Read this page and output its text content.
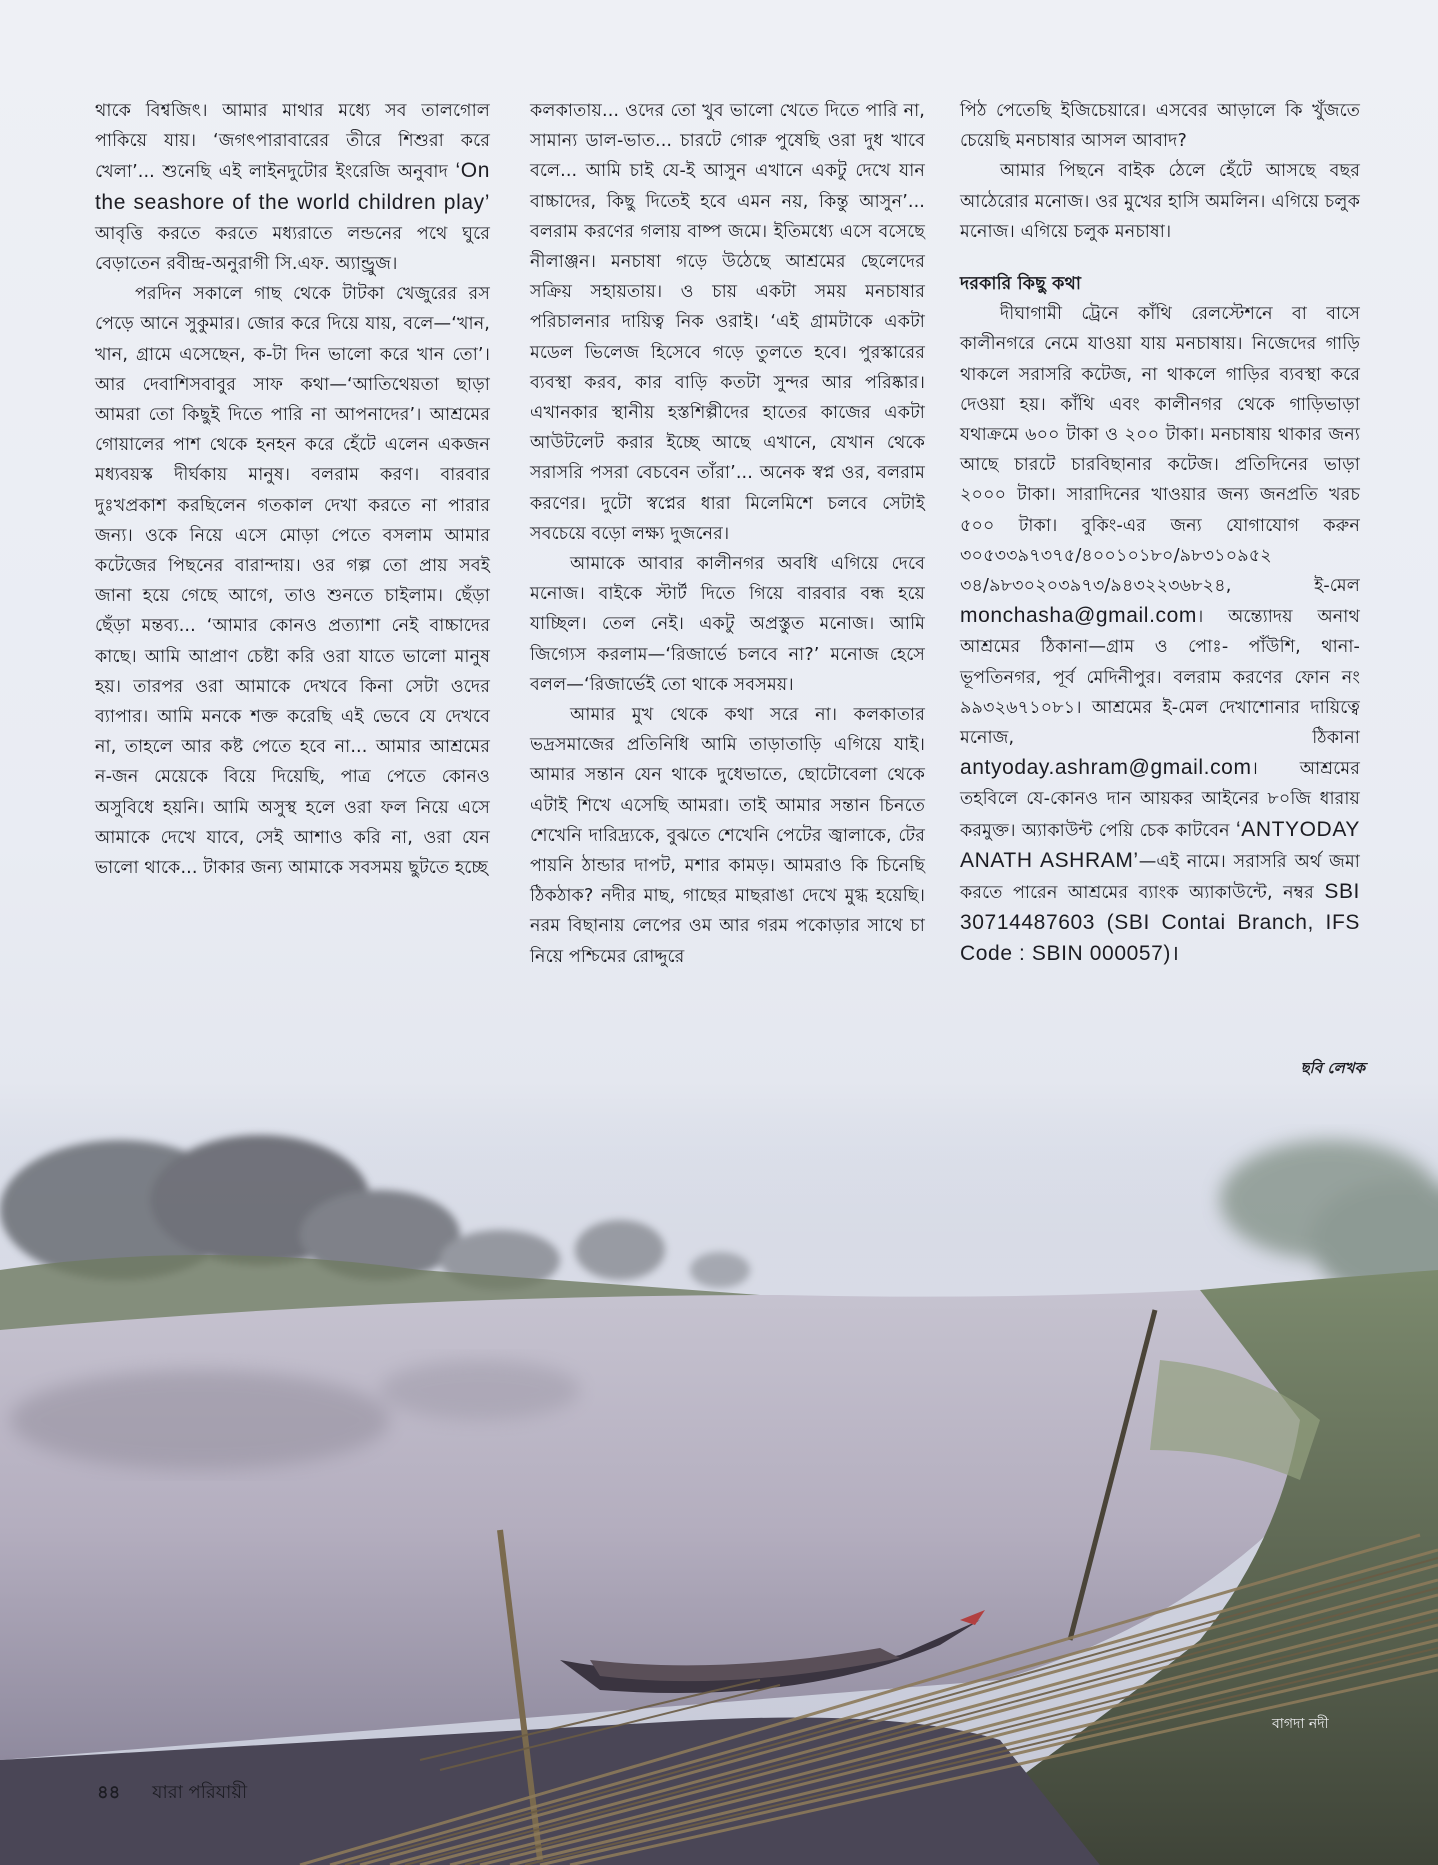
থাকে বিশ্বজিৎ। আমার মাথার মধ্যে সব তালগোল পাকিয়ে যায়। ‘জগৎপারাবারের তীরে শিশুরা করে খেলা’... শুনেছি এই লাইনদুটোর ইংরেজি অনুবাদ ‘On the seashore of the world children play’ আবৃত্তি করতে করতে মধ্যরাতে লন্ডনের পথে ঘুরে বেড়াতেন রবীন্দ্র-অনুরাগী সি.এফ. অ্যান্ড্রুজ।

পরদিন সকালে গাছ থেকে টাটকা খেজুরের রস পেড়ে আনে সুকুমার। জোর করে দিয়ে যায়, বলে—‘খান, খান, গ্রামে এসেছেন, ক-টা দিন ভালো করে খান তো’। আর দেবাশিসবাবুর সাফ কথা—‘আতিথেয়তা ছাড়া আমরা তো কিছুই দিতে পারি না আপনাদের’। আশ্রমের গোয়ালের পাশ থেকে হনহন করে হেঁটে এলেন একজন মধ্যবয়স্ক দীর্ঘকায় মানুষ। বলরাম করণ। বারবার দুঃখপ্রকাশ করছিলেন গতকাল দেখা করতে না পারার জন্য। ওকে নিয়ে এসে মোড়া পেতে বসলাম আমার কটেজের পিছনের বারান্দায়। ওর গল্প তো প্রায় সবই জানা হয়ে গেছে আগে, তাও শুনতে চাইলাম। ছেঁড়া ছেঁড়া মন্তব্য... ‘আমার কোনও প্রত্যাশা নেই বাচ্চাদের কাছে। আমি আপ্রাণ চেষ্টা করি ওরা যাতে ভালো মানুষ হয়। তারপর ওরা আমাকে দেখবে কিনা সেটা ওদের ব্যাপার। আমি মনকে শক্ত করেছি এই ভেবে যে দেখবে না, তাহলে আর কষ্ট পেতে হবে না... আমার আশ্রমের ন-জন মেয়েকে বিয়ে দিয়েছি, পাত্র পেতে কোনও অসুবিধে হয়নি। আমি অসুস্থ হলে ওরা ফল নিয়ে এসে আমাকে দেখে যাবে, সেই আশাও করি না, ওরা যেন ভালো থাকে... টাকার জন্য আমাকে সবসময় ছুটতে হচ্ছে

কলকাতায়... ওদের তো খুব ভালো খেতে দিতে পারি না, সামান্য ডাল-ভাত... চারটে গোরু পুষেছি ওরা দুধ খাবে বলে... আমি চাই যে-ই আসুন এখানে একটু দেখে যান বাচ্চাদের, কিছু দিতেই হবে এমন নয়, কিন্তু আসুন’... বলরাম করণের গলায় বাষ্প জমে। ইতিমধ্যে এসে বসেছে নীলাঞ্জন। মনচাষা গড়ে উঠেছে আশ্রমের ছেলেদের সক্রিয় সহায়তায়। ও চায় একটা সময় মনচাষার পরিচালনার দায়িত্ব নিক ওরাই। ‘এই গ্রামটাকে একটা মডেল ভিলেজ হিসেবে গড়ে তুলতে হবে। পুরস্কারের ব্যবস্থা করব, কার বাড়ি কতটা সুন্দর আর পরিষ্কার। এখানকার স্থানীয় হস্তশিল্পীদের হাতের কাজের একটা আউটলেট করার ইচ্ছে আছে এখানে, যেখান থেকে সরাসরি পসরা বেচবেন তাঁরা’... অনেক স্বপ্ন ওর, বলরাম করণের। দুটো স্বপ্নের ধারা মিলেমিশে চলবে সেটাই সবচেয়ে বড়ো লক্ষ্য দুজনের।

আমাকে আবার কালীনগর অবধি এগিয়ে দেবে মনোজ। বাইকে স্টার্ট দিতে গিয়ে বারবার বন্ধ হয়ে যাচ্ছিল। তেল নেই। একটু অপ্রস্তুত মনোজ। আমি জিগ্যেস করলাম—‘রিজার্ভে চলবে না?’ মনোজ হেসে বলল—‘রিজার্ভেই তো থাকে সবসময়।

আমার মুখ থেকে কথা সরে না। কলকাতার ভদ্রসমাজের প্রতিনিধি আমি তাড়াতাড়ি এগিয়ে যাই। আমার সন্তান যেন থাকে দুধেভাতে, ছোটোবেলা থেকে এটাই শিখে এসেছি আমরা। তাই আমার সন্তান চিনতে শেখেনি দারিদ্র্যকে, বুঝতে শেখেনি পেটের জ্বালাকে, টের পায়নি ঠান্ডার দাপট, মশার কামড়। আমরাও কি চিনেছি ঠিকঠাক? নদীর মাছ, গাছের মাছরাঙা দেখে মুগ্ধ হয়েছি। নরম বিছানায় লেপের ওম আর গরম পকোড়ার সাথে চা নিয়ে পশ্চিমের রোদ্দুরে

পিঠ পেতেছি ইজিচেয়ারে। এসবের আড়ালে কি খুঁজতে চেয়েছি মনচাষার আসল আবাদ?

আমার পিছনে বাইক ঠেলে হেঁটে আসছে বছর আঠেরোর মনোজ। ওর মুখের হাসি অমলিন। এগিয়ে চলুক মনোজ। এগিয়ে চলুক মনচাষা।

দরকারি কিছু কথা

দীঘাগামী ট্রেনে কাঁথি রেলস্টেশনে বা বাসে কালীনগরে নেমে যাওয়া যায় মনচাষায়। নিজেদের গাড়ি থাকলে সরাসরি কটেজ, না থাকলে গাড়ির ব্যবস্থা করে দেওয়া হয়। কাঁথি এবং কালীনগর থেকে গাড়িভাড়া যথাক্রমে ৬০০ টাকা ও ২০০ টাকা। মনচাষায় থাকার জন্য আছে চারটে চারবিছানার কটেজ। প্রতিদিনের ভাড়া ২০০০ টাকা। সারাদিনের খাওয়ার জন্য জনপ্রতি খরচ ৫০০ টাকা। বুকিং-এর জন্য যোগাযোগ করুন ৩০৫৩৩৯৭৩৭৫/৪০০১০১৮০/৯৮৩১০৯৫২ ৩৪/৯৮৩০২০৩৯৭৩/৯৪৩২২৩৬৮২৪, ই-মেল monchasha@gmail.com। অন্ত্যোদয় অনাথ আশ্রমের ঠিকানা—গ্রাম ও পোঃ- পাঁউশি, থানা- ভূপতিনগর, পূর্ব মেদিনীপুর। বলরাম করণের ফোন নং ৯৯৩২৬৭১০৮১। আশ্রমের ই-মেল দেখাশোনার দায়িত্বে মনোজ, ঠিকানা antyoday.ashram@gmail.com। আশ্রমের তহবিলে যে-কোনও দান আয়কর আইনের ৮০জি ধারায় করমুক্ত। অ্যাকাউন্ট পেয়ি চেক কাটবেন ‘ANTYODAY ANATH ASHRAM’—এই নামে। সরাসরি অর্থ জমা করতে পারেন আশ্রমের ব্যাংক অ্যাকাউন্টে, নম্বর SBI 30714487603 (SBI Contai Branch, IFS Code : SBIN 000057)।

ছবি লেখক
বাগদা নদী
৪৪ যারা পরিযায়ী
